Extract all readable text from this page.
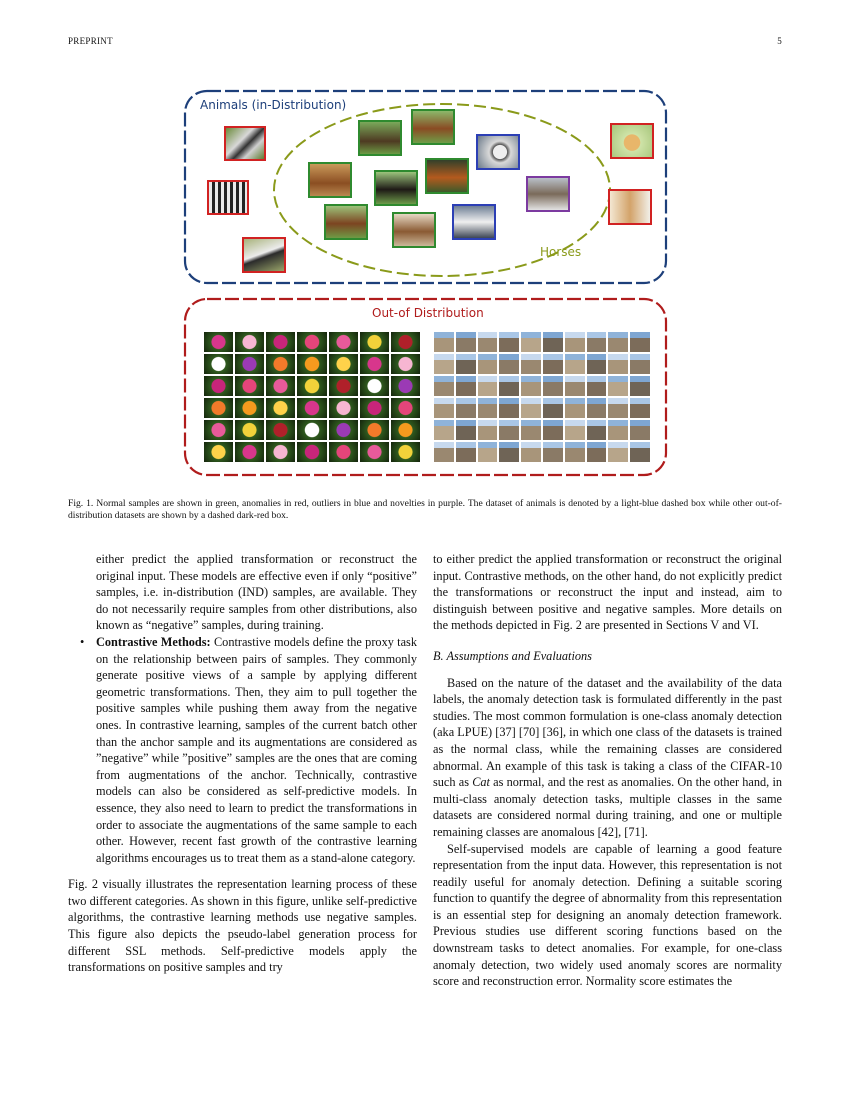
PREPRINT	5
Animals (in-Distribution)
Horses
Out-of Distribution
Fig. 1. Normal samples are shown in green, anomalies in red, outliers in blue and novelties in purple. The dataset of animals is denoted by a light-blue dashed box while other out-of-distribution datasets are shown by a dashed dark-red box.

either predict the applied transformation or reconstruct the original input. These models are effective even if only “positive” samples, i.e. in-distribution (IND) samples, are available. They do not necessarily require samples from other distributions, also known as “negative” samples, during training.

• Contrastive Methods: Contrastive models define the proxy task on the relationship between pairs of samples. They commonly generate positive views of a sample by applying different geometric transformations. Then, they aim to pull together the positive samples while pushing them away from the negative ones. In contrastive learning, samples of the current batch other than the anchor sample and its augmentations are considered as ”negative” while ”positive” samples are the ones that are coming from augmentations of the anchor. Technically, contrastive models can also be considered as self-predictive models. In essence, they also need to learn to predict the transformations in order to associate the augmentations of the same sample to each other. However, recent fast growth of the contrastive learning algorithms encourages us to treat them as a stand-alone category.

Fig. 2 visually illustrates the representation learning process of these two different categories. As shown in this figure, unlike self-predictive algorithms, the contrastive learning methods use negative samples. This figure also depicts the pseudo-label generation process for different SSL methods. Self-predictive models apply the transformations on positive samples and try

to either predict the applied transformation or reconstruct the original input. Contrastive methods, on the other hand, do not explicitly predict the transformations or reconstruct the input and instead, aim to distinguish between positive and negative samples. More details on the methods depicted in Fig. 2 are presented in Sections V and VI.

B. Assumptions and Evaluations

Based on the nature of the dataset and the availability of the data labels, the anomaly detection task is formulated differently in the past studies. The most common formulation is one-class anomaly detection (aka LPUE) [37] [70] [36], in which one class of the datasets is trained as the normal class, while the remaining classes are considered abnormal. An example of this task is taking a class of the CIFAR-10 such as Cat as normal, and the rest as anomalies. On the other hand, in multi-class anomaly detection tasks, multiple classes in the same datasets are considered normal during training, and one or multiple remaining classes are anomalous [42], [71].

Self-supervised models are capable of learning a good feature representation from the input data. However, this representation is not readily useful for anomaly detection. Defining a suitable scoring function to quantify the degree of abnormality from this representation is an essential step for designing an anomaly detection framework. Previous studies use different scoring functions based on the downstream tasks to detect anomalies. For example, for one-class anomaly detection, two widely used anomaly scores are normality score and reconstruction error. Normality score estimates the
